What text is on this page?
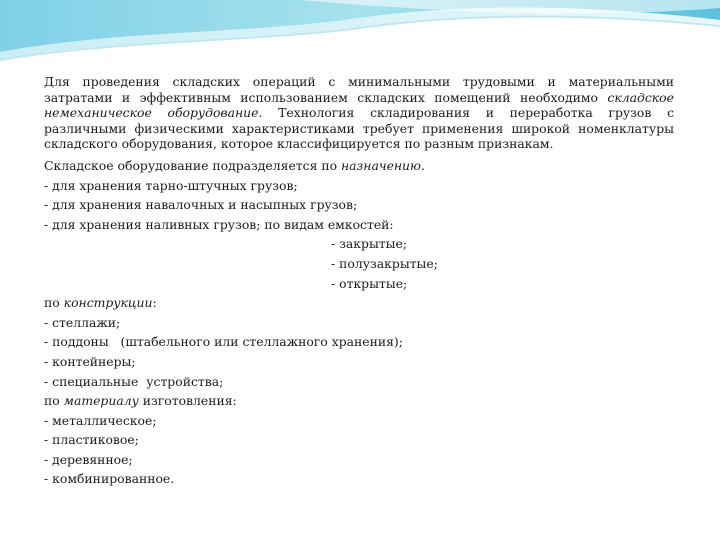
Для проведения складских операций с минимальными трудовыми и материальными затратами и эффективным использованием складских помещений необходимо складское немеханическое оборудование. Технология складирования и переработка грузов с различными физическими характеристиками требует применения широкой номенклатуры складского оборудования, которое классифицируется по разным признакам.

Складское оборудование подразделяется по назначению.

- для хранения тарно-штучных грузов;

- для хранения навалочных и насыпных грузов;

- для хранения наливных грузов; по видам емкостей:

- закрытые;

- полузакрытые;

- открытые;

по конструкции:

- стеллажи;

- поддоны   (штабельного или стеллажного хранения);

- контейнеры;

- специальные  устройства;

по материалу изготовления:

- металлическое;

- пластиковое;

- деревянное;

- комбинированное.
